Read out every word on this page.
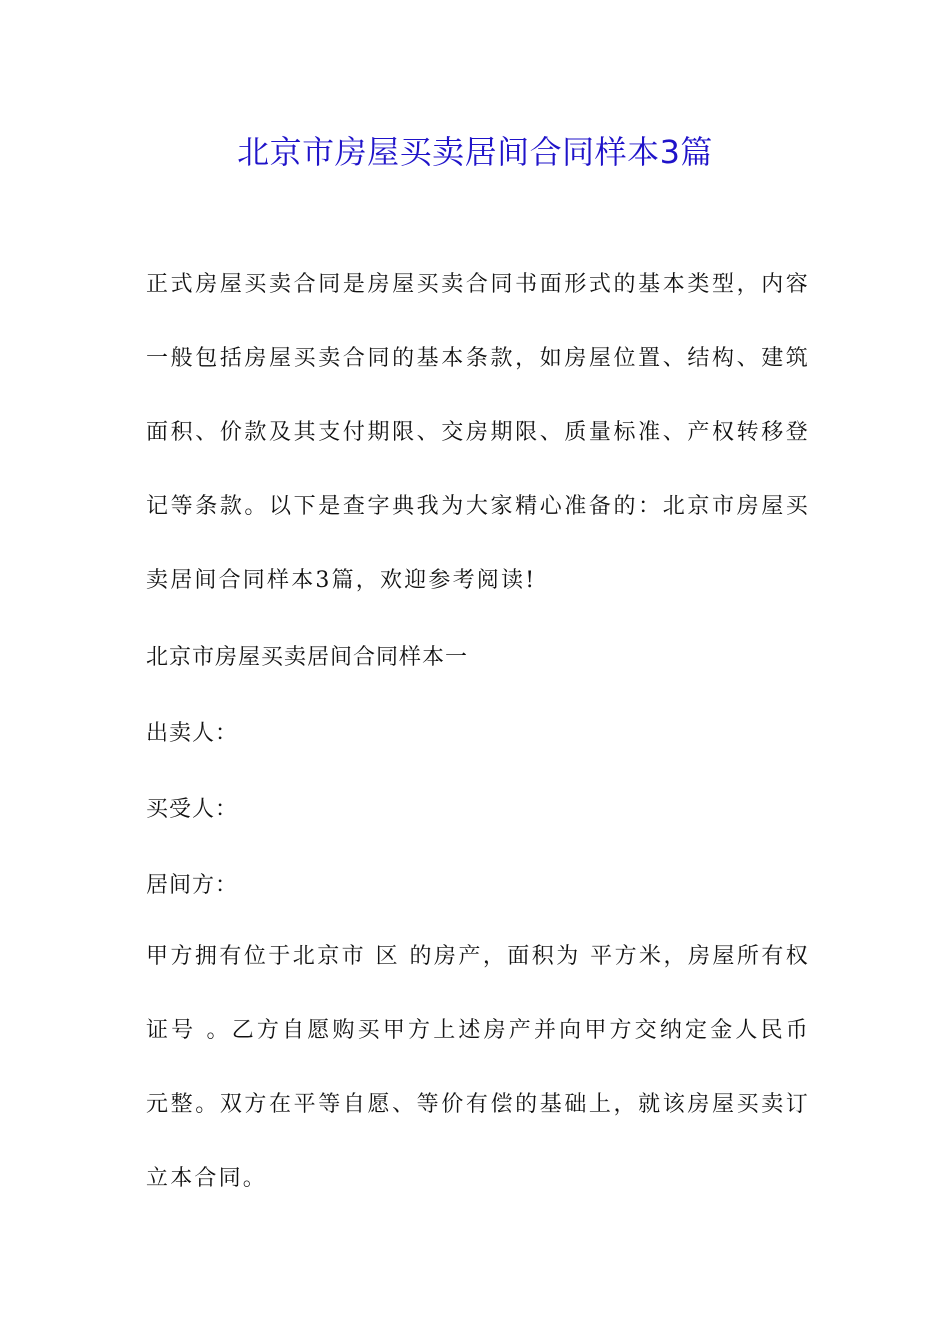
北京市房屋买卖居间合同样本3篇

正式房屋买卖合同是房屋买卖合同书面形式的基本类型，内容一般包括房屋买卖合同的基本条款，如房屋位置、结构、建筑面积、价款及其支付期限、交房期限、质量标准、产权转移登记等条款。以下是查字典我为大家精心准备的：北京市房屋买卖居间合同样本3篇，欢迎参考阅读!

北京市房屋买卖居间合同样本一

出卖人：

买受人：

居间方：

甲方拥有位于北京市 区 的房产，面积为 平方米，房屋所有权证号 。乙方自愿购买甲方上述房产并向甲方交纳定金人民币 元整。双方在平等自愿、等价有偿的基础上，就该房屋买卖订立本合同。
